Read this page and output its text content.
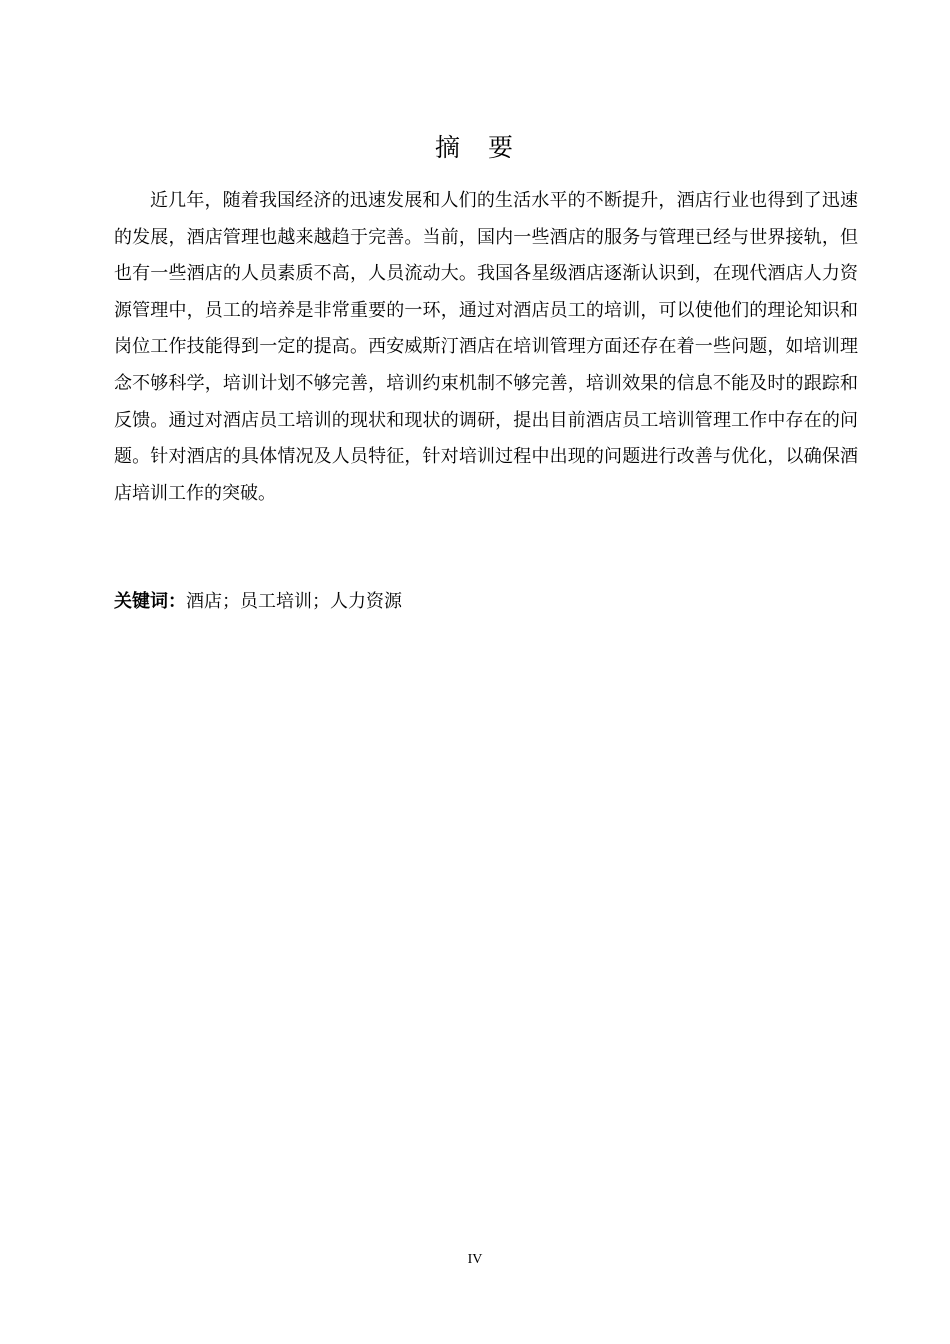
摘 要

近几年，随着我国经济的迅速发展和人们的生活水平的不断提升，酒店行业也得到了迅速的发展，酒店管理也越来越趋于完善。当前，国内一些酒店的服务与管理已经与世界接轨，但也有一些酒店的人员素质不高，人员流动大。我国各星级酒店逐渐认识到，在现代酒店人力资源管理中，员工的培养是非常重要的一环，通过对酒店员工的培训，可以使他们的理论知识和岗位工作技能得到一定的提高。西安威斯汀酒店在培训管理方面还存在着一些问题，如培训理念不够科学，培训计划不够完善，培训约束机制不够完善，培训效果的信息不能及时的跟踪和反馈。通过对酒店员工培训的现状和现状的调研，提出目前酒店员工培训管理工作中存在的问题。针对酒店的具体情况及人员特征，针对培训过程中出现的问题进行改善与优化，以确保酒店培训工作的突破。

关键词：酒店；员工培训；人力资源
IV
